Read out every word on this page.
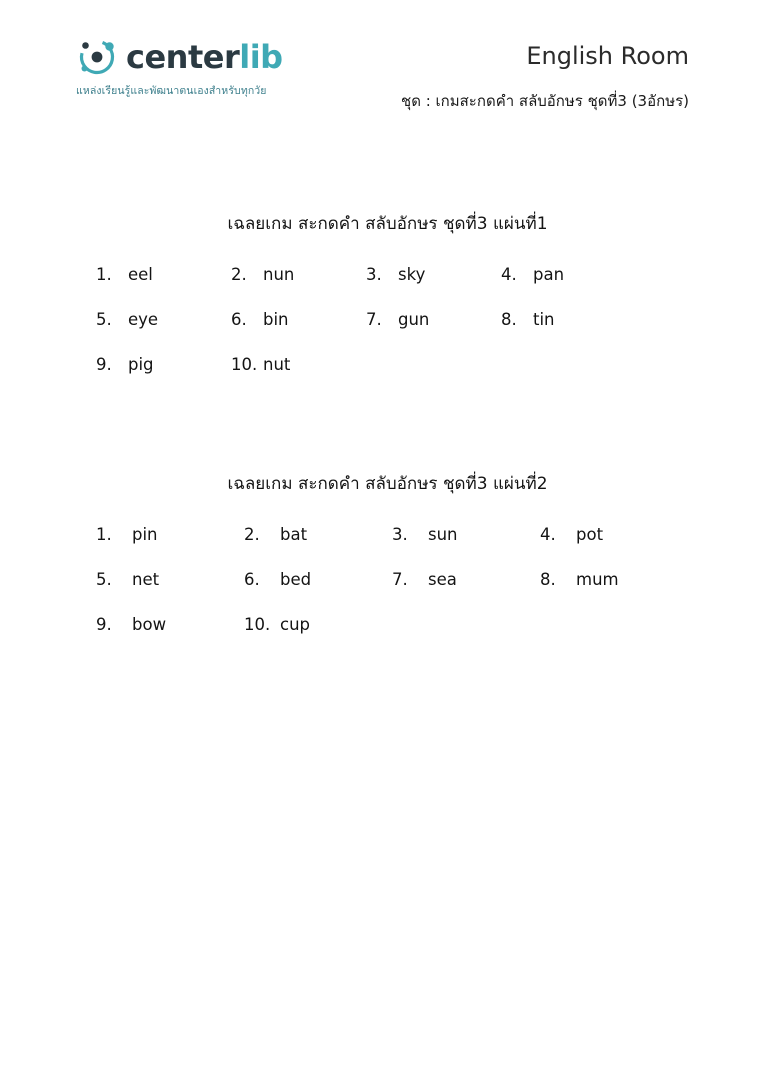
centerlib
แหล่งเรียนรู้และพัฒนาตนเองสำหรับทุกวัย
English Room
ชุด : เกมสะกดคำ สลับอักษร ชุดที่3 (3อักษร)
เฉลยเกม สะกดคำ สลับอักษร ชุดที่3 แผ่นที่1
1. eel	2. nun	3. sky	4. pan
5. eye	6. bin	7. gun	8. tin
9. pig	10. nut
เฉลยเกม สะกดคำ สลับอักษร ชุดที่3 แผ่นที่2
1.	pin	2.	bat	3.	sun	4.	pot
5.	net	6.	bed	7.	sea	8.	mum
9.	bow	10. cup
